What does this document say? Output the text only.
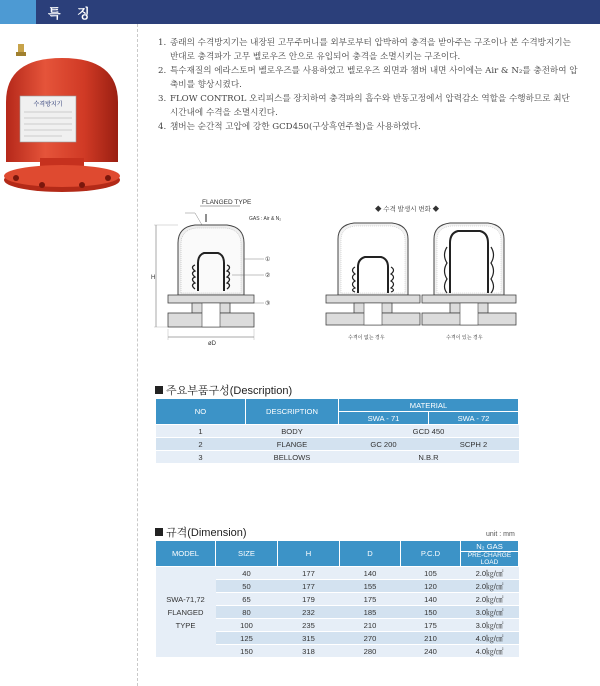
특 징
수격방지기
1. 종래의 수격방지기는 내장된 고무주머니를 외부로부터 압박하여 충격을 받아주는 구조이나 본 수격방지기는 반대로 충격파가 고무 벨로우즈 안으로 유입되어 충격을 소멸시키는 구조이다.
2. 특수재질의 에라스토머 벨로우즈를 사용하였고 벨로우즈 외면과 챔버 내면 사이에는 Air & N₂를 충전하여 압축비를 향상시켰다.
3. FLOW CONTROL 오리피스를 장치하여 충격파의 흡수와 반동고정에서 압력감소 역할을 수행하므로 최단시간내에 수격을 소멸시킨다.
4. 챔버는 순간적 고압에 강한 GCD450(구상흑연주철)을 사용하였다.
FLANGED TYPE
GAS : Air & N₂
H
øD
①
②
③
◆ 수격 발생시 변화 ◆
수격이 없는 경우	수격이 있는 경우
주요부품구성(Description)
NO	DESCRIPTION	MATERIAL	
		SWA - 71	SWA - 72
1	BODY	GCD 450	
2	FLANGE	GC 200	SCPH 2
3	BELLOWS	N.B.R	
규격(Dimension)	unit : mm
MODEL	SIZE	H	D	P.C.D	N₂ GAS
					PRE-CHARGE LOAD

SWA-71,72
FLANGED
TYPE	40	177	140	105	2.0㎏/㎠
	50	177	155	120	2.0㎏/㎠
	65	179	175	140	2.0㎏/㎠
	80	232	185	150	3.0㎏/㎠
	100	235	210	175	3.0㎏/㎠
	125	315	270	210	4.0㎏/㎠
	150	318	280	240	4.0㎏/㎠
